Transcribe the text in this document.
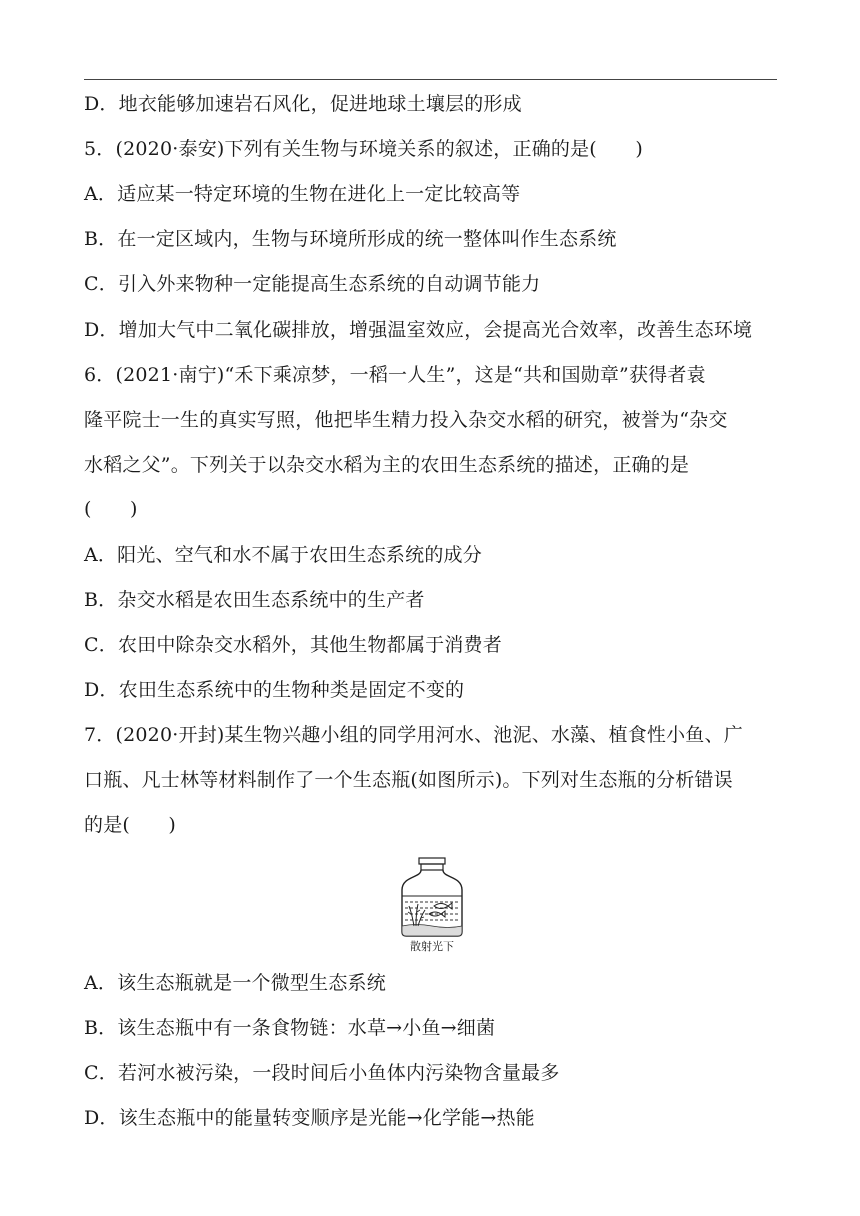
D．地衣能够加速岩石风化，促进地球土壤层的形成
5．(2020·泰安)下列有关生物与环境关系的叙述，正确的是(　　)
A．适应某一特定环境的生物在进化上一定比较高等
B．在一定区域内，生物与环境所形成的统一整体叫作生态系统
C．引入外来物种一定能提高生态系统的自动调节能力
D．增加大气中二氧化碳排放，增强温室效应，会提高光合效率，改善生态环境
6．(2021·南宁)“禾下乘凉梦，一稻一人生”，这是“共和国勋章”获得者袁
隆平院士一生的真实写照，他把毕生精力投入杂交水稻的研究，被誉为“杂交
水稻之父”。下列关于以杂交水稻为主的农田生态系统的描述，正确的是
(　　)
A．阳光、空气和水不属于农田生态系统的成分
B．杂交水稻是农田生态系统中的生产者
C．农田中除杂交水稻外，其他生物都属于消费者
D．农田生态系统中的生物种类是固定不变的
7．(2020·开封)某生物兴趣小组的同学用河水、池泥、水藻、植食性小鱼、广
口瓶、凡士林等材料制作了一个生态瓶(如图所示)。下列对生态瓶的分析错误
的是(　　)
散射光下
A．该生态瓶就是一个微型生态系统
B．该生态瓶中有一条食物链：水草→小鱼→细菌
C．若河水被污染，一段时间后小鱼体内污染物含量最多
D．该生态瓶中的能量转变顺序是光能→化学能→热能
